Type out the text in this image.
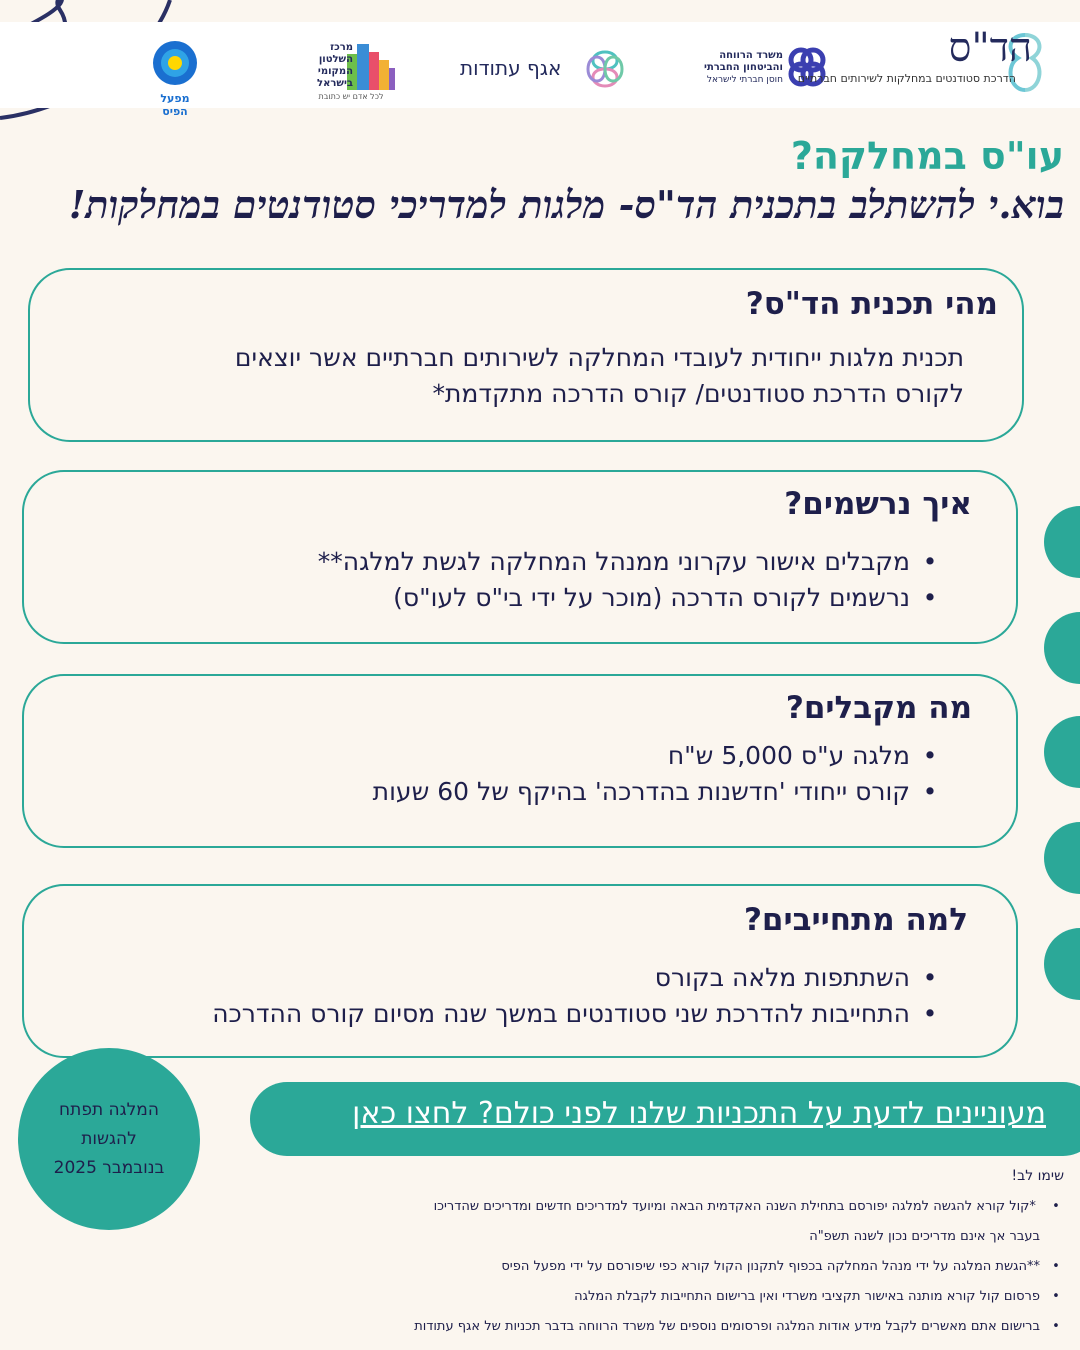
מפעל הפיס
מרכז
השלטון
המקומי
בישראל
לכל אדם יש כתובת
אגף עתודות
משרד הרווחה
והביטחון החברתי
חוסן חברתי לישראל
הד"ס
הדרכת סטודנטים במחלקות לשירותים חברתיים
עו"ס במחלקה?
בוא.י להשתלב בתכנית הד"ס- מלגות למדריכי סטודנטים במחלקות!
מהי תכנית הד"ס?

תכנית מלגות ייחודית לעובדי המחלקה לשירותים חברתיים אשר יוצאים
לקורס הדרכת סטודנטים/ קורס הדרכה מתקדמת*

איך נרשמים?
• מקבלים אישור עקרוני ממנהל המחלקה לגשת למלגה**
• נרשמים לקורס הדרכה (מוכר על ידי בי"ס לעו"ס)
מה מקבלים?
• מלגה ע"ס 5,000 ש"ח
• קורס ייחודי 'חדשנות בהדרכה' בהיקף של 60 שעות
למה מתחייבים?
• השתתפות מלאה בקורס
• התחייבות להדרכת שני סטודנטים במשך שנה מסיום קורס ההדרכה
המלגה תפתח
להגשות
בנובמבר 2025
מעוניינים לדעת על התכניות שלנו לפני כולם? לחצו כאן
שימו לב!
• *קול קורא להגשה למלגה יפורסם בתחילת השנה האקדמית הבאה ומיועד למדריכים חדשים ומדריכים שהדריכו
בעבר אך אינם מדריכים נכון לשנה תשפ"ה
• **הגשת המלגה על ידי מנהל המחלקה בכפוף לתקנון הקול קורא כפי שיפורסם על ידי מפעל הפיס
• פרסום קול קורא מותנה באישור תקציבי משרדי ואין ברישום התחייבות לקבלת המלגה
• ברישום אתם מאשרים לקבל מידע אודות המלגה ופרסומים נוספים של משרד הרווחה בדבר תכניות של אגף עתודות
